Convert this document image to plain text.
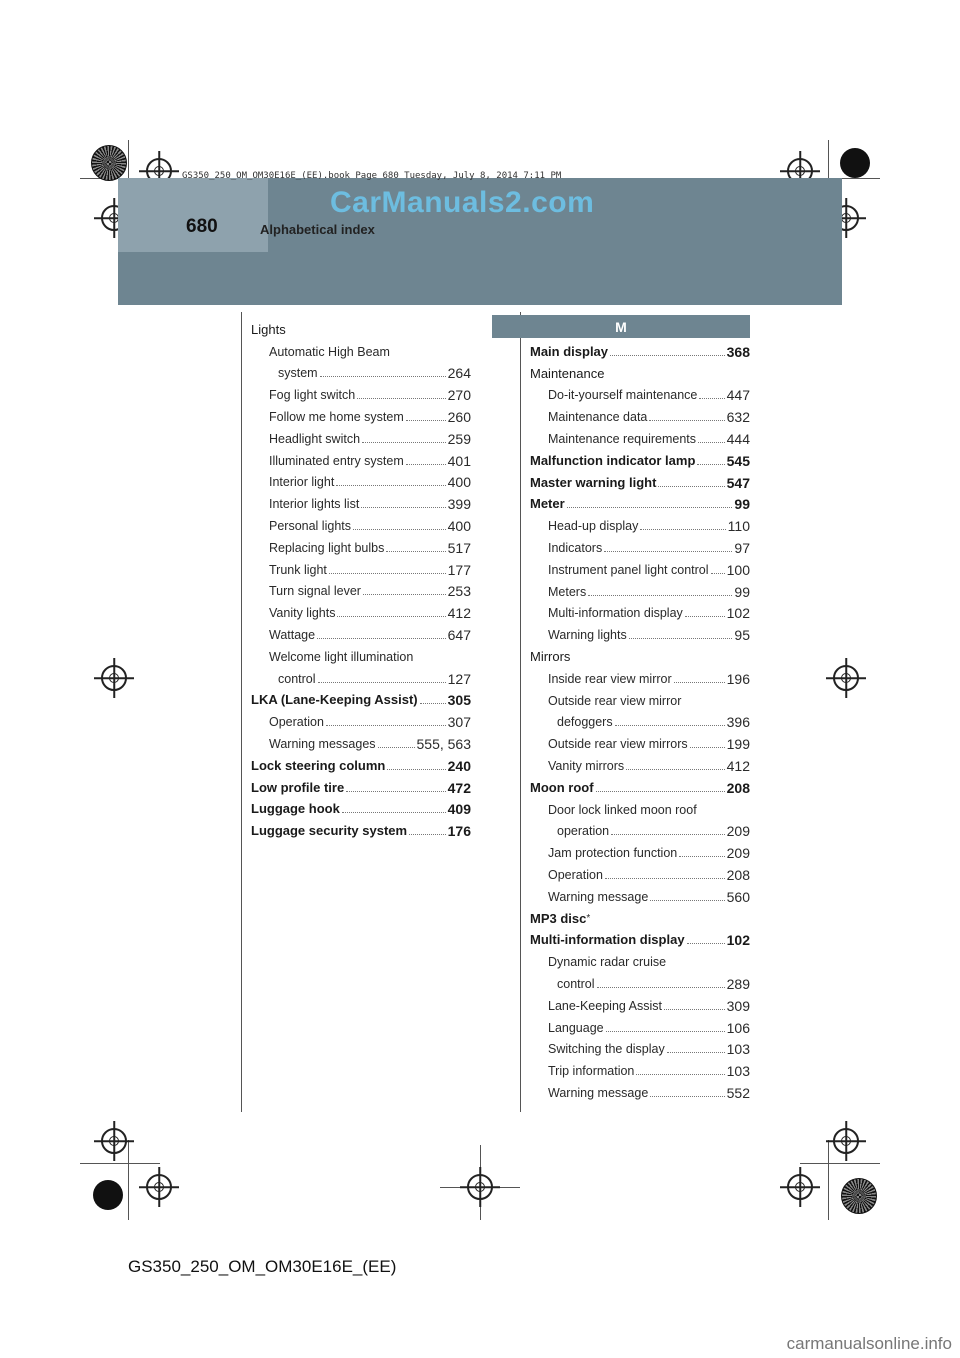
GS350_250_OM_OM30E16E_(EE).book Page 680 Tuesday, July 8, 2014 7:11 PM
CarManuals2.com
680	Alphabetical index
Lights
Automatic High Beam
system	264
Fog light switch	270
Follow me home system	260
Headlight switch	259
Illuminated entry system	401
Interior light	400
Interior lights list	399
Personal lights	400
Replacing light bulbs	517
Trunk light	177
Turn signal lever	253
Vanity lights	412
Wattage	647
Welcome light illumination
control	127
LKA (Lane-Keeping Assist) 305
Operation	307
Warning messages	555, 563
Lock steering column	240
Low profile tire	472
Luggage hook	409
Luggage security system	176
M
Main display	368
Maintenance
Do-it-yourself maintenance 447
Maintenance data	632
Maintenance requirements 444
Malfunction indicator lamp 545
Master warning light	547
Meter	99
Head-up display	110
Indicators	97
Instrument panel light control 100
Meters	99
Multi-information display	102
Warning lights	95
Mirrors
Inside rear view mirror	196
Outside rear view mirror
defoggers	396
Outside rear view mirrors	199
Vanity mirrors	412
Moon roof	208
Door lock linked moon roof
operation	209
Jam protection function	209
Operation	208
Warning message	560
MP3 disc *
Multi-information display	102
Dynamic radar cruise
control	289
Lane-Keeping Assist	309
Language	106
Switching the display	103
Trip information	103
Warning message	552
GS350_250_OM_OM30E16E_(EE)
carmanualsonline.info
